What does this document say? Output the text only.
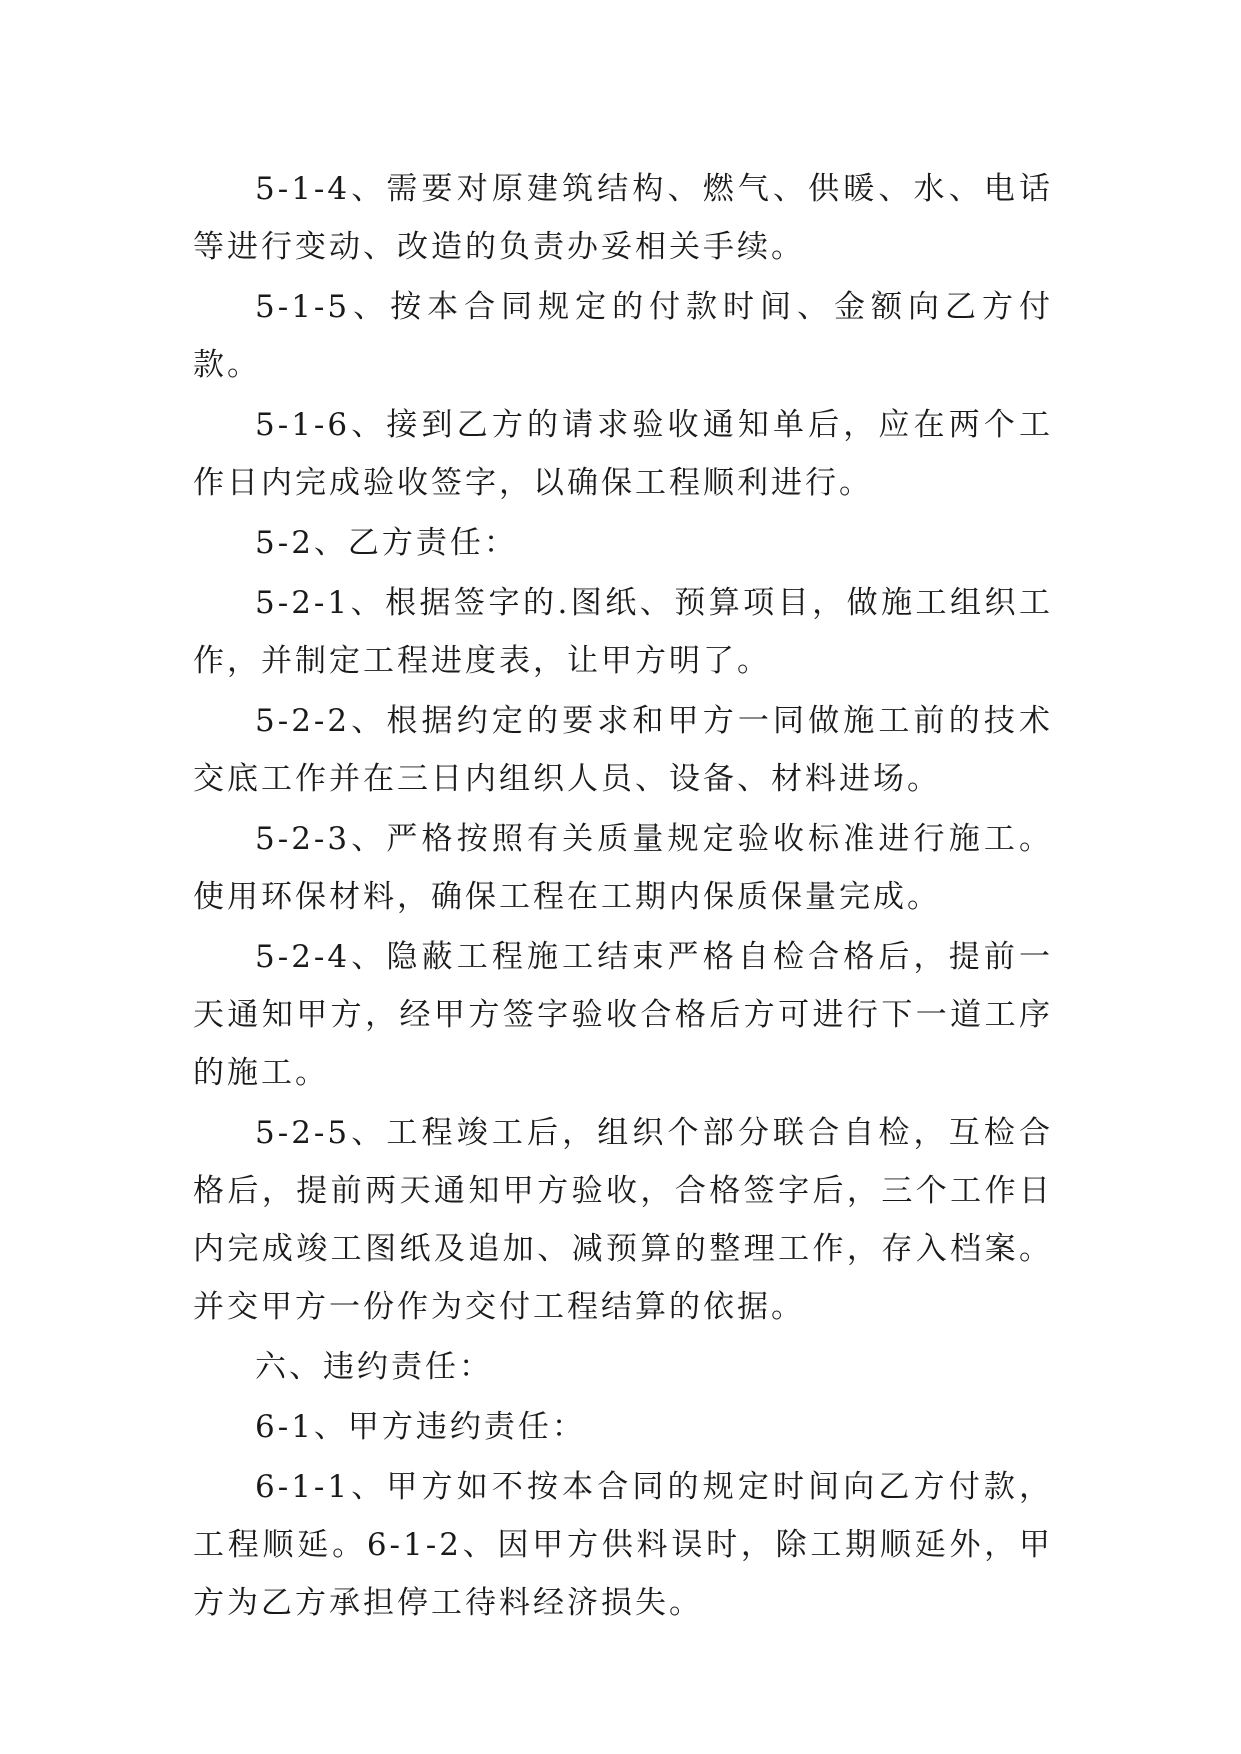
5-1-4、需要对原建筑结构、燃气、供暖、水、电话等进行变动、改造的负责办妥相关手续。

5-1-5、按本合同规定的付款时间、金额向乙方付款。

5-1-6、接到乙方的请求验收通知单后，应在两个工作日内完成验收签字，以确保工程顺利进行。

5-2、乙方责任：

5-2-1、根据签字的.图纸、预算项目，做施工组织工作，并制定工程进度表，让甲方明了。

5-2-2、根据约定的要求和甲方一同做施工前的技术交底工作并在三日内组织人员、设备、材料进场。

5-2-3、严格按照有关质量规定验收标准进行施工。使用环保材料，确保工程在工期内保质保量完成。

5-2-4、隐蔽工程施工结束严格自检合格后，提前一天通知甲方，经甲方签字验收合格后方可进行下一道工序的施工。

5-2-5、工程竣工后，组织个部分联合自检，互检合格后，提前两天通知甲方验收，合格签字后，三个工作日内完成竣工图纸及追加、减预算的整理工作，存入档案。并交甲方一份作为交付工程结算的依据。

六、违约责任：

6-1、甲方违约责任：

6-1-1、甲方如不按本合同的规定时间向乙方付款，工程顺延。6-1-2、因甲方供料误时，除工期顺延外，甲方为乙方承担停工待料经济损失。
